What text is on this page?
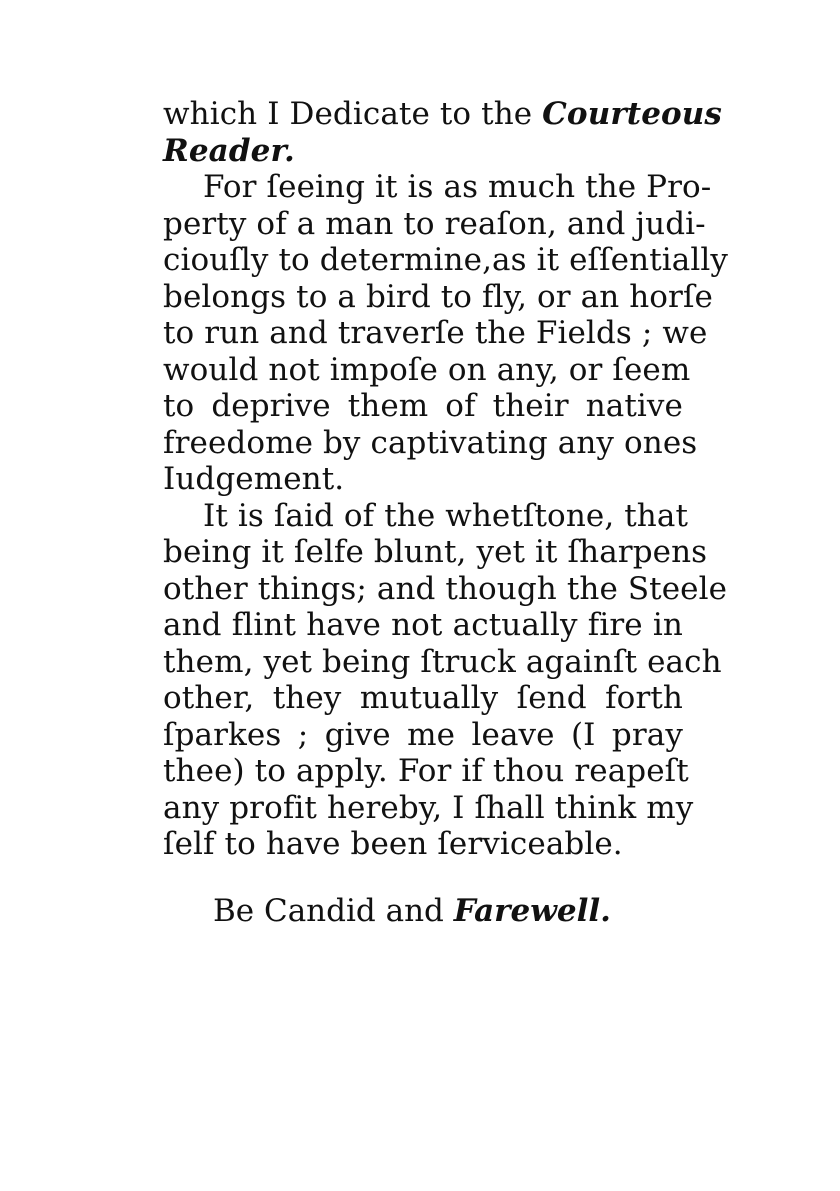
which I Dedicate to the Courteous
Reader.
For ſeeing it is as much the Pro-
perty of a man to reaſon, and judi-
ciouſly to determine,as it eſſentially
belongs to a bird to fly, or an horſe
to run and traverſe the Fields ; we
would not impoſe on any, or ſeem
to deprive them of their native
freedome by captivating any ones
Iudgement.
It is ſaid of the whetſtone, that
being it ſelfe blunt, yet it ſharpens
other things; and though the Steele
and flint have not actually fire in
them, yet being ſtruck againſt each
other, they mutually ſend forth
ſparkes ; give me leave (I pray
thee) to apply. For if thou reapeſt
any profit hereby, I ſhall think my
ſelf to have been ſerviceable.
Be Candid and Farewell.
